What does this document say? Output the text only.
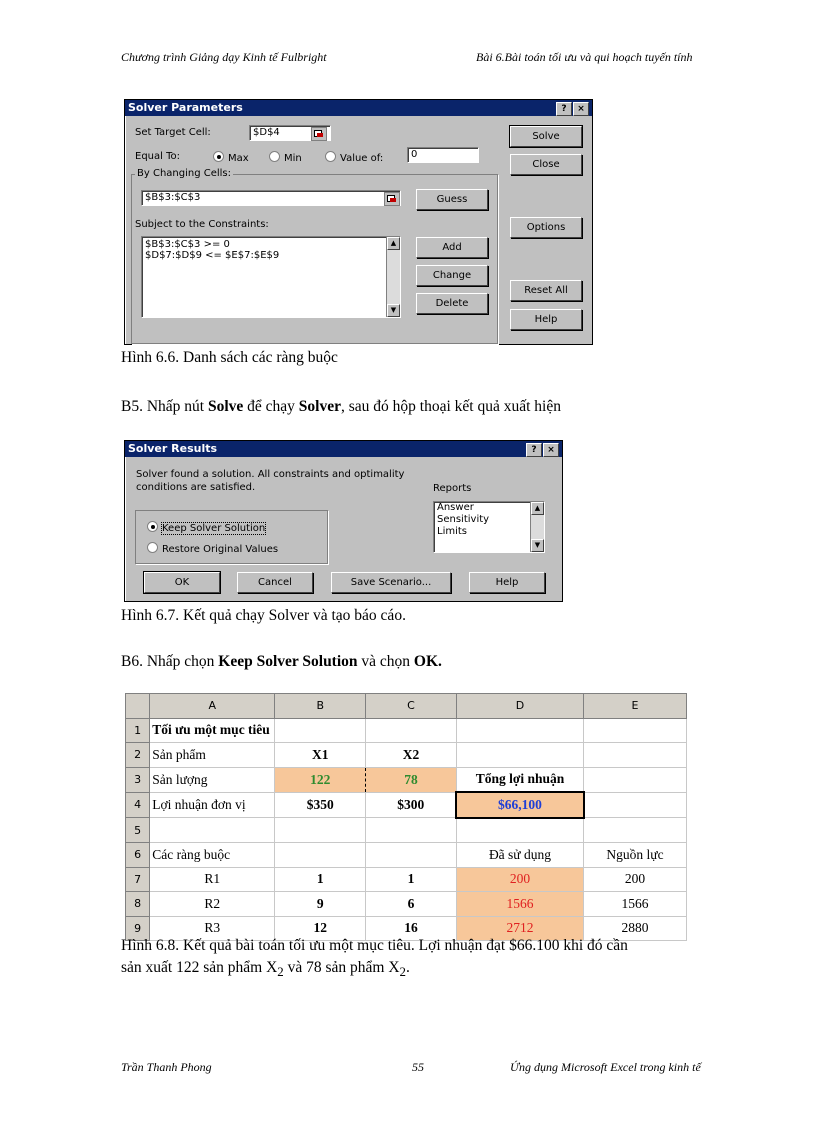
Chương trình Giảng dạy Kinh tế Fulbright	Bài 6.Bài toán tối ưu và qui hoạch tuyến tính
Solver Parameters	?	×
Set Target Cell:	$D$4
Equal To:	Max	Min	Value of:	0
By Changing Cells:
$B$3:$C$3	Guess
Subject to the Constraints:
$B$3:$C$3 >= 0
$D$7:$D$9 <= $E$7:$E$9
▲
▼
Add
Change
Delete
Solve
Close
Options
Reset All
Help
Hình 6.6. Danh sách các ràng buộc
B5. Nhấp nút Solve để chạy Solver, sau đó hộp thoại kết quả xuất hiện
Solver Results	?	×
Solver found a solution. All constraints and optimality
conditions are satisfied.	Reports
Answer
Sensitivity
Limits
▲
▼
Keep Solver Solution
Restore Original Values
OK	Cancel	Save Scenario...	Help
Hình 6.7. Kết quả chạy Solver và tạo báo cáo.
B6. Nhấp chọn Keep Solver Solution và chọn OK.
	A	B	C	D	E
1	Tối ưu một mục tiêu				
2	Sản phẩm	X1	X2		
3	Sản lượng	122	78	Tổng lợi nhuận	
4	Lợi nhuận đơn vị	$350	$300	$66,100	
5					
6	Các ràng buộc			Đã sử dụng	Nguồn lực
7	R1	1	1	200	200
8	R2	9	6	1566	1566
9	R3	12	16	2712	2880
Hình 6.8. Kết quả bài toán tối ưu một mục tiêu. Lợi nhuận đạt $66.100 khi đó cần
sản xuất 122 sản phẩm $X_2$ và 78 sản phẩm $X_2$.
Trần Thanh Phong	55	Ứng dụng Microsoft Excel trong kinh tế
